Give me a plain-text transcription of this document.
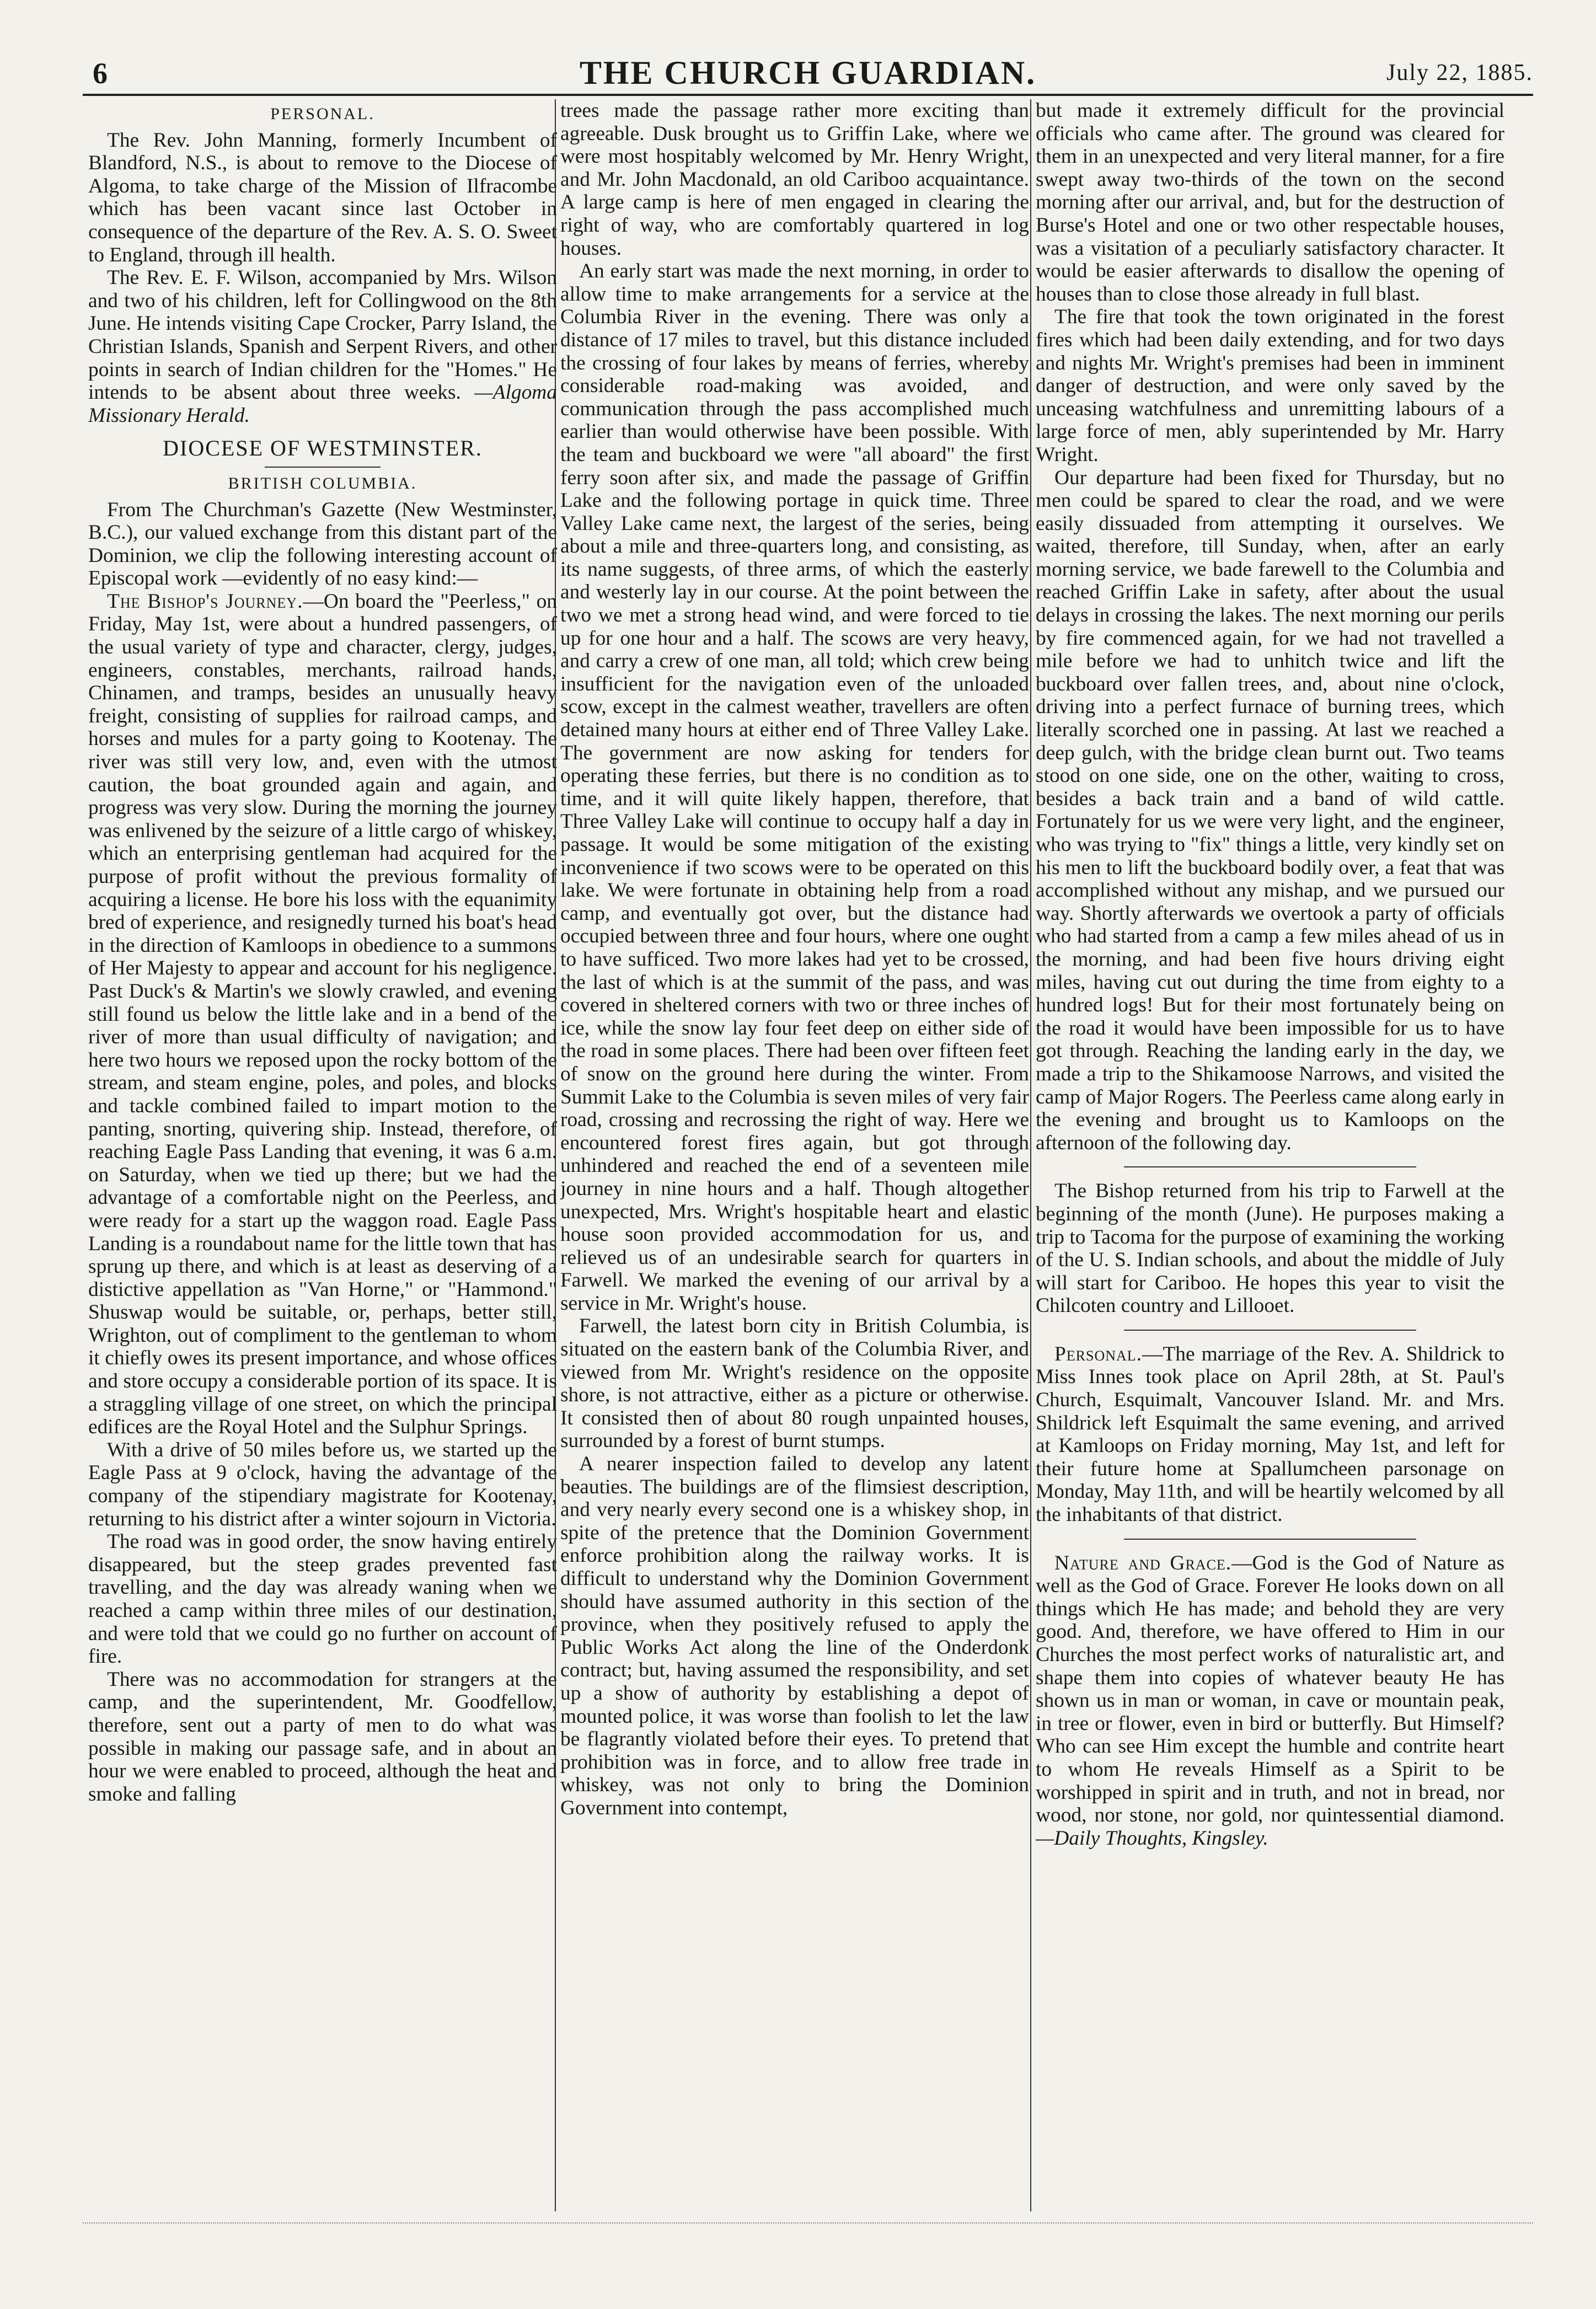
6	THE CHURCH GUARDIAN.	July 22, 1885.

PERSONAL.

The Rev. John Manning, formerly Incumbent of Blandford, N.S., is about to remove to the Diocese of Algoma, to take charge of the Mission of Ilfracombe which has been vacant since last October in consequence of the departure of the Rev. A. S. O. Sweet to England, through ill health.

The Rev. E. F. Wilson, accompanied by Mrs. Wilson and two of his children, left for Collingwood on the 8th June. He intends visiting Cape Crocker, Parry Island, the Christian Islands, Spanish and Serpent Rivers, and other points in search of Indian children for the "Homes." He intends to be absent about three weeks. —Algoma Missionary Herald.

DIOCESE OF WESTMINSTER.

BRITISH COLUMBIA.

From The Churchman's Gazette (New Westminster, B.C.), our valued exchange from this distant part of the Dominion, we clip the following interesting account of Episcopal work —evidently of no easy kind:—

The Bishop's Journey.—On board the "Peerless," on Friday, May 1st, were about a hundred passengers, of the usual variety of type and character, clergy, judges, engineers, constables, merchants, railroad hands, Chinamen, and tramps, besides an unusually heavy freight, consisting of supplies for railroad camps, and horses and mules for a party going to Kootenay. The river was still very low, and, even with the utmost caution, the boat grounded again and again, and progress was very slow. During the morning the journey was enlivened by the seizure of a little cargo of whiskey, which an enterprising gentleman had acquired for the purpose of profit without the previous formality of acquiring a license. He bore his loss with the equanimity bred of experience, and resignedly turned his boat's head in the direction of Kamloops in obedience to a summons of Her Majesty to appear and account for his negligence. Past Duck's & Martin's we slowly crawled, and evening still found us below the little lake and in a bend of the river of more than usual difficulty of navigation; and here two hours we reposed upon the rocky bottom of the stream, and steam engine, poles, and poles, and blocks and tackle combined failed to impart motion to the panting, snorting, quivering ship. Instead, therefore, of reaching Eagle Pass Landing that evening, it was 6 a.m. on Saturday, when we tied up there; but we had the advantage of a comfortable night on the Peerless, and were ready for a start up the waggon road. Eagle Pass Landing is a roundabout name for the little town that has sprung up there, and which is at least as deserving of a distictive appellation as "Van Horne," or "Hammond." Shuswap would be suitable, or, perhaps, better still, Wrighton, out of compliment to the gentleman to whom it chiefly owes its present importance, and whose offices and store occupy a considerable portion of its space. It is a straggling village of one street, on which the principal edifices are the Royal Hotel and the Sulphur Springs.

With a drive of 50 miles before us, we started up the Eagle Pass at 9 o'clock, having the advantage of the company of the stipendiary magistrate for Kootenay, returning to his district after a winter sojourn in Victoria.

The road was in good order, the snow having entirely disappeared, but the steep grades prevented fast travelling, and the day was already waning when we reached a camp within three miles of our destination, and were told that we could go no further on account of fire.

There was no accommodation for strangers at the camp, and the superintendent, Mr. Goodfellow, therefore, sent out a party of men to do what was possible in making our passage safe, and in about an hour we were enabled to proceed, although the heat and smoke and falling

trees made the passage rather more exciting than agreeable. Dusk brought us to Griffin Lake, where we were most hospitably welcomed by Mr. Henry Wright, and Mr. John Macdonald, an old Cariboo acquaintance. A large camp is here of men engaged in clearing the right of way, who are comfortably quartered in log houses.

An early start was made the next morning, in order to allow time to make arrangements for a service at the Columbia River in the evening. There was only a distance of 17 miles to travel, but this distance included the crossing of four lakes by means of ferries, whereby considerable road-making was avoided, and communication through the pass accomplished much earlier than would otherwise have been possible. With the team and buckboard we were "all aboard" the first ferry soon after six, and made the passage of Griffin Lake and the following portage in quick time. Three Valley Lake came next, the largest of the series, being about a mile and three-quarters long, and consisting, as its name suggests, of three arms, of which the easterly and westerly lay in our course. At the point between the two we met a strong head wind, and were forced to tie up for one hour and a half. The scows are very heavy, and carry a crew of one man, all told; which crew being insufficient for the navigation even of the unloaded scow, except in the calmest weather, travellers are often detained many hours at either end of Three Valley Lake. The government are now asking for tenders for operating these ferries, but there is no condition as to time, and it will quite likely happen, therefore, that Three Valley Lake will continue to occupy half a day in passage. It would be some mitigation of the existing inconvenience if two scows were to be operated on this lake. We were fortunate in obtaining help from a road camp, and eventually got over, but the distance had occupied between three and four hours, where one ought to have sufficed. Two more lakes had yet to be crossed, the last of which is at the summit of the pass, and was covered in sheltered corners with two or three inches of ice, while the snow lay four feet deep on either side of the road in some places. There had been over fifteen feet of snow on the ground here during the winter. From Summit Lake to the Columbia is seven miles of very fair road, crossing and recrossing the right of way. Here we encountered forest fires again, but got through unhindered and reached the end of a seventeen mile journey in nine hours and a half. Though altogether unexpected, Mrs. Wright's hospitable heart and elastic house soon provided accommodation for us, and relieved us of an undesirable search for quarters in Farwell. We marked the evening of our arrival by a service in Mr. Wright's house.

Farwell, the latest born city in British Columbia, is situated on the eastern bank of the Columbia River, and viewed from Mr. Wright's residence on the opposite shore, is not attractive, either as a picture or otherwise. It consisted then of about 80 rough unpainted houses, surrounded by a forest of burnt stumps.

A nearer inspection failed to develop any latent beauties. The buildings are of the flimsiest description, and very nearly every second one is a whiskey shop, in spite of the pretence that the Dominion Government enforce prohibition along the railway works. It is difficult to understand why the Dominion Government should have assumed authority in this section of the province, when they positively refused to apply the Public Works Act along the line of the Onderdonk contract; but, having assumed the responsibility, and set up a show of authority by establishing a depot of mounted police, it was worse than foolish to let the law be flagrantly violated before their eyes. To pretend that prohibition was in force, and to allow free trade in whiskey, was not only to bring the Dominion Government into contempt,

but made it extremely difficult for the provincial officials who came after. The ground was cleared for them in an unexpected and very literal manner, for a fire swept away two-thirds of the town on the second morning after our arrival, and, but for the destruction of Burse's Hotel and one or two other respectable houses, was a visitation of a peculiarly satisfactory character. It would be easier afterwards to disallow the opening of houses than to close those already in full blast.

The fire that took the town originated in the forest fires which had been daily extending, and for two days and nights Mr. Wright's premises had been in imminent danger of destruction, and were only saved by the unceasing watchfulness and unremitting labours of a large force of men, ably superintended by Mr. Harry Wright.

Our departure had been fixed for Thursday, but no men could be spared to clear the road, and we were easily dissuaded from attempting it ourselves. We waited, therefore, till Sunday, when, after an early morning service, we bade farewell to the Columbia and reached Griffin Lake in safety, after about the usual delays in crossing the lakes. The next morning our perils by fire commenced again, for we had not travelled a mile before we had to unhitch twice and lift the buckboard over fallen trees, and, about nine o'clock, driving into a perfect furnace of burning trees, which literally scorched one in passing. At last we reached a deep gulch, with the bridge clean burnt out. Two teams stood on one side, one on the other, waiting to cross, besides a back train and a band of wild cattle. Fortunately for us we were very light, and the engineer, who was trying to "fix" things a little, very kindly set on his men to lift the buckboard bodily over, a feat that was accomplished without any mishap, and we pursued our way. Shortly afterwards we overtook a party of officials who had started from a camp a few miles ahead of us in the morning, and had been five hours driving eight miles, having cut out during the time from eighty to a hundred logs! But for their most fortunately being on the road it would have been impossible for us to have got through. Reaching the landing early in the day, we made a trip to the Shikamoose Narrows, and visited the camp of Major Rogers. The Peerless came along early in the evening and brought us to Kamloops on the afternoon of the following day.

The Bishop returned from his trip to Farwell at the beginning of the month (June). He purposes making a trip to Tacoma for the purpose of examining the working of the U. S. Indian schools, and about the middle of July will start for Cariboo. He hopes this year to visit the Chilcoten country and Lillooet.

Personal.—The marriage of the Rev. A. Shildrick to Miss Innes took place on April 28th, at St. Paul's Church, Esquimalt, Vancouver Island. Mr. and Mrs. Shildrick left Esquimalt the same evening, and arrived at Kamloops on Friday morning, May 1st, and left for their future home at Spallumcheen parsonage on Monday, May 11th, and will be heartily welcomed by all the inhabitants of that district.

Nature and Grace.—God is the God of Nature as well as the God of Grace. Forever He looks down on all things which He has made; and behold they are very good. And, therefore, we have offered to Him in our Churches the most perfect works of naturalistic art, and shape them into copies of whatever beauty He has shown us in man or woman, in cave or mountain peak, in tree or flower, even in bird or butterfly. But Himself? Who can see Him except the humble and contrite heart to whom He reveals Himself as a Spirit to be worshipped in spirit and in truth, and not in bread, nor wood, nor stone, nor gold, nor quintessential diamond. —Daily Thoughts, Kingsley.
